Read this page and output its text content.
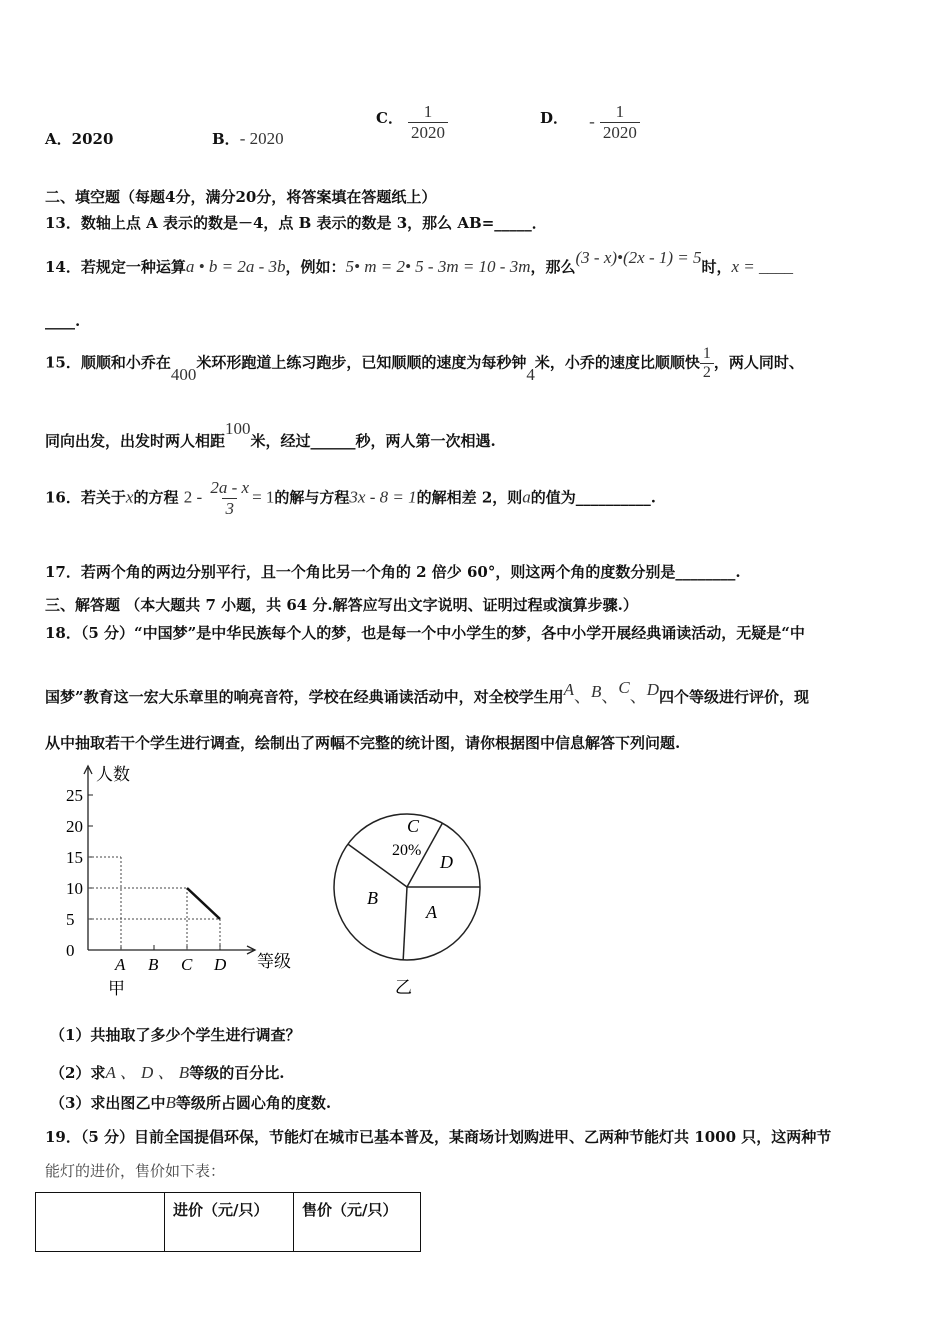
A．2020	B．- 2020
C． $\frac{1}{2020}$	D． - $\frac{1}{2020}$
二、填空题（每题4分，满分20分，将答案填在答题纸上）
13．数轴上点 A 表示的数是－4，点 B 表示的数是 3，那么 AB=_____．
14．若规定一种运算a • b = 2a - 3b，例如：5• m = 2• 5 - 3m = 10 - 3m，那么(3 - x)•(2x - 1) = 5时，x = ____
____.
15．顺顺和小乔在400米环形跑道上练习跑步，已知顺顺的速度为每秒钟4米，小乔的速度比顺顺快 $\frac{1}{2}$ ，两人同时、
同向出发，出发时两人相距100米，经过______秒，两人第一次相遇.
16．若关于x的方程 $2 - \frac{2a - x}{3} = 1$的解与方程3x - 8 = 1的解相差 2，则a的值为__________.
17．若两个角的两边分别平行，且一个角比另一个角的 2 倍少 60°，则这两个角的度数分别是________.
三、解答题 （本大题共 7 小题，共 64 分.解答应写出文字说明、证明过程或演算步骤.）
18．（5 分）“中国梦”是中华民族每个人的梦，也是每一个中小学生的梦，各中小学开展经典诵读活动，无疑是“中
国梦”教育这一宏大乐章里的响亮音符，学校在经典诵读活动中，对全校学生用A、B、C、D四个等级进行评价，现
从中抽取若干个学生进行调查，绘制出了两幅不完整的统计图，请你根据图中信息解答下列问题.
0
5
10
15
20
25
A B C D
人数
等级
甲
C
20%
D
A
B
乙
（1）共抽取了多少个学生进行调查？
（2）求A 、 D 、 B等级的百分比.
（3）求出图乙中B等级所占圆心角的度数.
19．（5 分）目前全国提倡环保，节能灯在城市已基本普及，某商场计划购进甲、乙两种节能灯共 1000 只，这两种节
能灯的进价，售价如下表：
	进价（元/只）	售价（元/只）
